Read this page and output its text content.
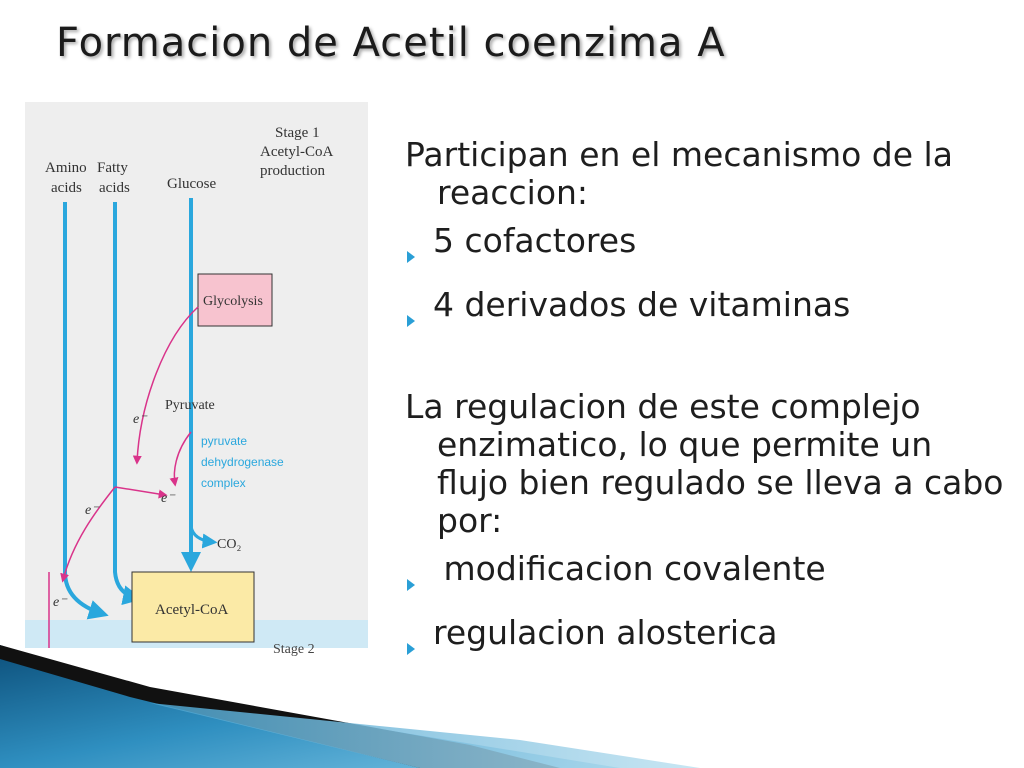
Formacion de Acetil coenzima A
Stage 2
Stage 1
Acetyl-CoA
production
Amino
acids
Fatty
acids Glucose
Glycolysis
Pyruvate
pyruvate
dehydrogenase
complex
e⁻
e⁻
e⁻
e⁻
CO₂
Acetyl-CoA

Participan en el mecanismo de la reaccion:

5 cofactores
4 derivados de vitaminas

La regulacion de este complejo enzimatico, lo que permite un flujo bien regulado se lleva a cabo por:

modificacion covalente
regulacion alosterica
